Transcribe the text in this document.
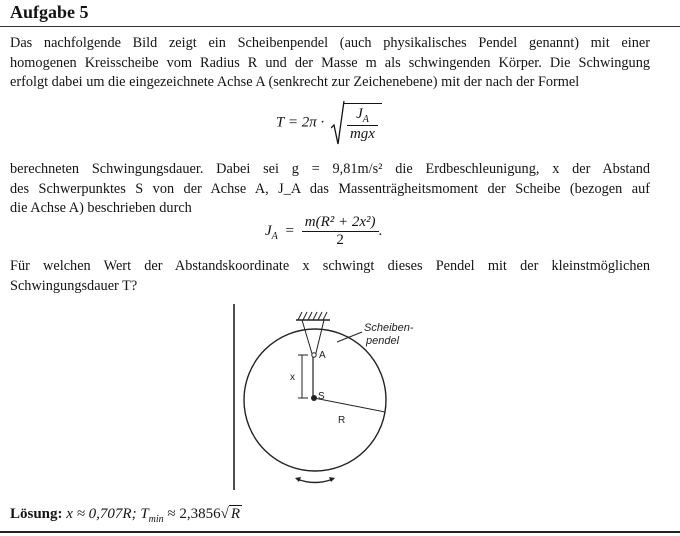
Aufgabe 5
Das nachfolgende Bild zeigt ein Scheibenpendel (auch physikalisches Pendel genannt) mit einer
homogenen Kreisscheibe vom Radius R und der Masse m als schwingenden Körper. Die Schwingung
erfolgt dabei um die eingezeichnete Achse A (senkrecht zur Zeichenebene) mit der nach der Formel
$T = 2\pi \cdot \frac{J_A}{\text{mgx}}$
berechneten Schwingungsdauer. Dabei sei g = 9,81m/s² die Erdbeschleunigung, x der Abstand
des Schwerpunktes S von der Achse A, J_A das Massenträgheitsmoment der Scheibe (bezogen auf
die Achse A) beschrieben durch
$J_A = \frac{\text{m(R² + 2x²)}}{2}$ .
Für welchen Wert der Abstandskoordinate x schwingt dieses Pendel mit der kleinstmöglichen
Schwingungsdauer T?
Scheiben-
pendel
A
x
S
R
Lösung: x ≈ 0,707R; $T_{min} \approx 2,3856√$ R
